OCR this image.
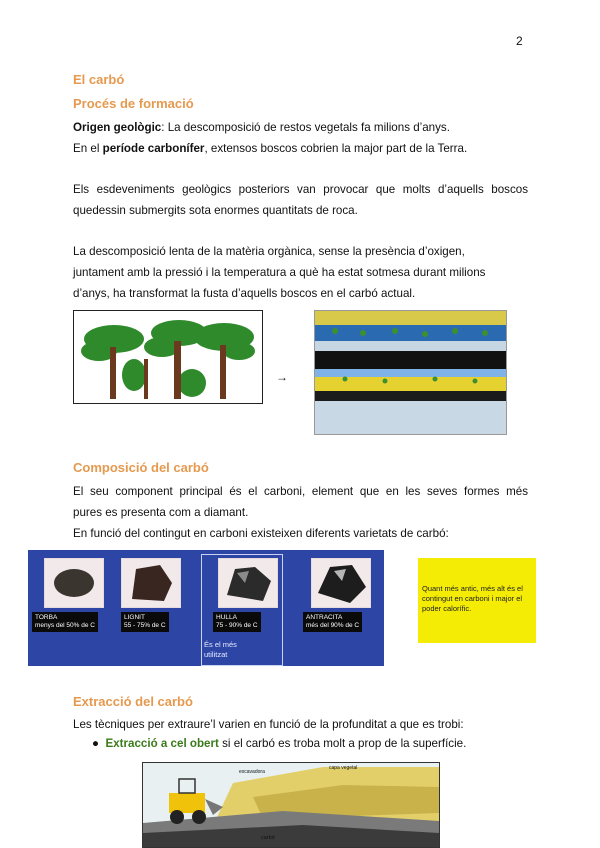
2
El carbó
Procés de formació
Origen geològic: La descomposició de restos vegetals fa milions d’anys.
En el període carbonífer, extensos boscos cobrien la major part de la Terra.
Els esdeveniments geològics posteriors van provocar que molts d’aquells boscos
quedessin submergits sota enormes quantitats de roca.
La descomposició lenta de la matèria orgànica, sense la presència d’oxigen,
juntament amb la pressió i la temperatura a què ha estat sotmesa durant milions
d’anys, ha transformat la fusta d’aquells boscos en el carbó actual.
→
Composició del carbó
El seu component principal és el carboni, element que en les seves formes més
pures es presenta com a diamant.
En funció del contingut en carboni existeixen diferents varietats de carbó:
TORBA
menys del 50% de C
LIGNIT
55 - 75% de C
HULLA
75 - 90% de C
És el més
utilitzat
ANTRACITA
més del 90% de C
Quant més antic, més alt és el contingut en carboni i major el poder calorífic.
Extracció del carbó
Les tècniques per extraure’l varien en funció de la profunditat a que es trobi:
●  Extracció a cel obert si el carbó es troba molt a prop de la superfície.
carbó
capa vegetal
excavadora
